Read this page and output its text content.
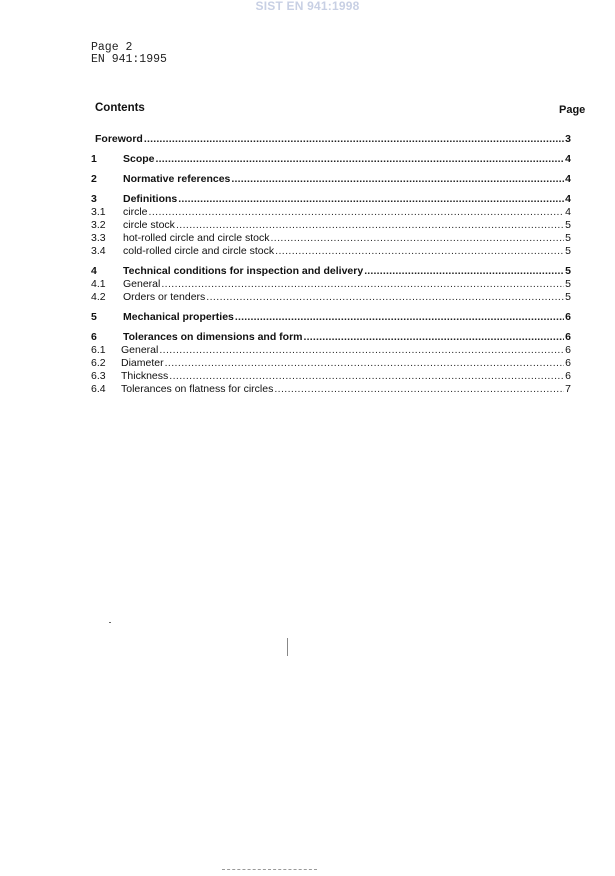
SIST EN 941:1998
Page 2
EN 941:1995
Contents	Page
Foreword .....	3
1	Scope .....	4
2	Normative references .....	4
3	Definitions .....	4
3.1	circle .....	4
3.2	circle stock .....	5
3.3	hot-rolled circle and circle stock .....	5
3.4	cold-rolled circle and circle stock .....	5
4	Technical conditions for inspection and delivery .....	5
4.1	General .....	5
4.2	Orders or tenders .....	5
5	Mechanical properties .....	6
6	Tolerances on dimensions and form .....	6
6.1	General .....	6
6.2	Diameter .....	6
6.3	Thickness .....	6
6.4	Tolerances on flatness for circles .....	7
